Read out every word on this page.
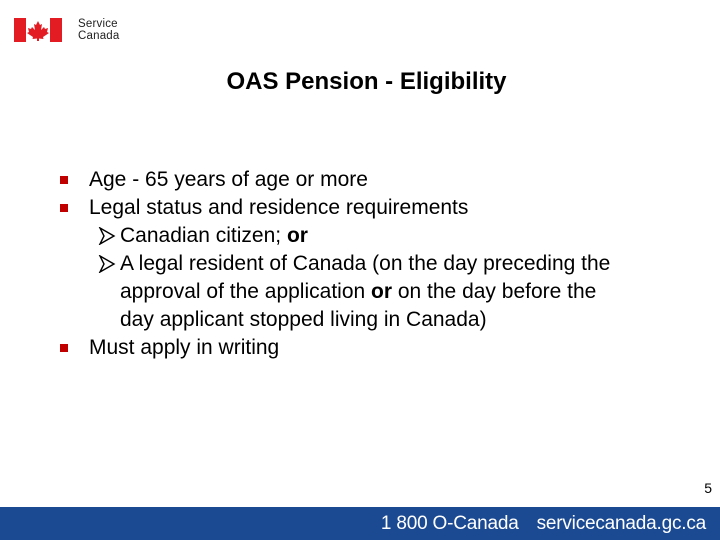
Service
Canada
OAS Pension - Eligibility
Age - 65 years of age or more
Legal status and residence requirements
Canadian citizen; or
A legal resident of Canada (on the day preceding the
approval of the application or on the day before the
day applicant stopped living in Canada)
Must apply in writing
5
1 800 O-Canada servicecanada.gc.ca
